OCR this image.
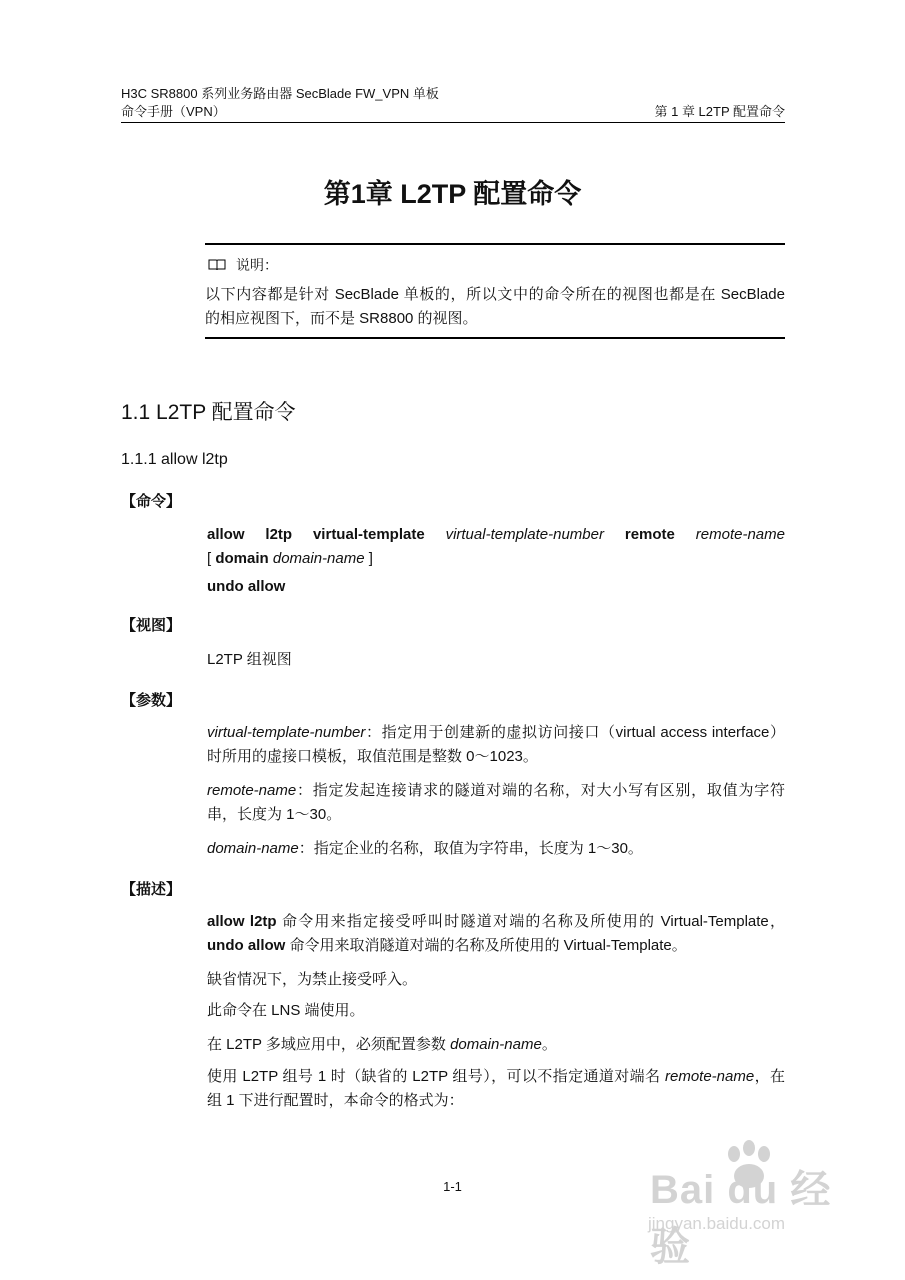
H3C SR8800 系列业务路由器 SecBlade FW_VPN 单板
命令手册（VPN）	第 1 章 L2TP 配置命令
第1章 L2TP 配置命令
说明：
以下内容都是针对 SecBlade 单板的，所以文中的命令所在的视图也都是在 SecBlade 的相应视图下，而不是 SR8800 的视图。
1.1 L2TP 配置命令
1.1.1 allow l2tp
【命令】
allow l2tp virtual-template virtual-template-number remote remote-name
[ domain domain-name ]
undo allow
【视图】
L2TP 组视图
【参数】
virtual-template-number：指定用于创建新的虚拟访问接口（virtual access interface）时所用的虚接口模板，取值范围是整数 0～1023。
remote-name：指定发起连接请求的隧道对端的名称，对大小写有区别，取值为字符串，长度为 1～30。
domain-name：指定企业的名称，取值为字符串，长度为 1～30。
【描述】
allow l2tp 命令用来指定接受呼叫时隧道对端的名称及所使用的 Virtual-Template，undo allow 命令用来取消隧道对端的名称及所使用的 Virtual-Template。
缺省情况下，为禁止接受呼入。
此命令在 LNS 端使用。
在 L2TP 多域应用中，必须配置参数 domain-name。
使用 L2TP 组号 1 时（缺省的 L2TP 组号），可以不指定通道对端名 remote-name，在组 1 下进行配置时，本命令的格式为：
1-1	Bai du 经验
jingyan.baidu.com
